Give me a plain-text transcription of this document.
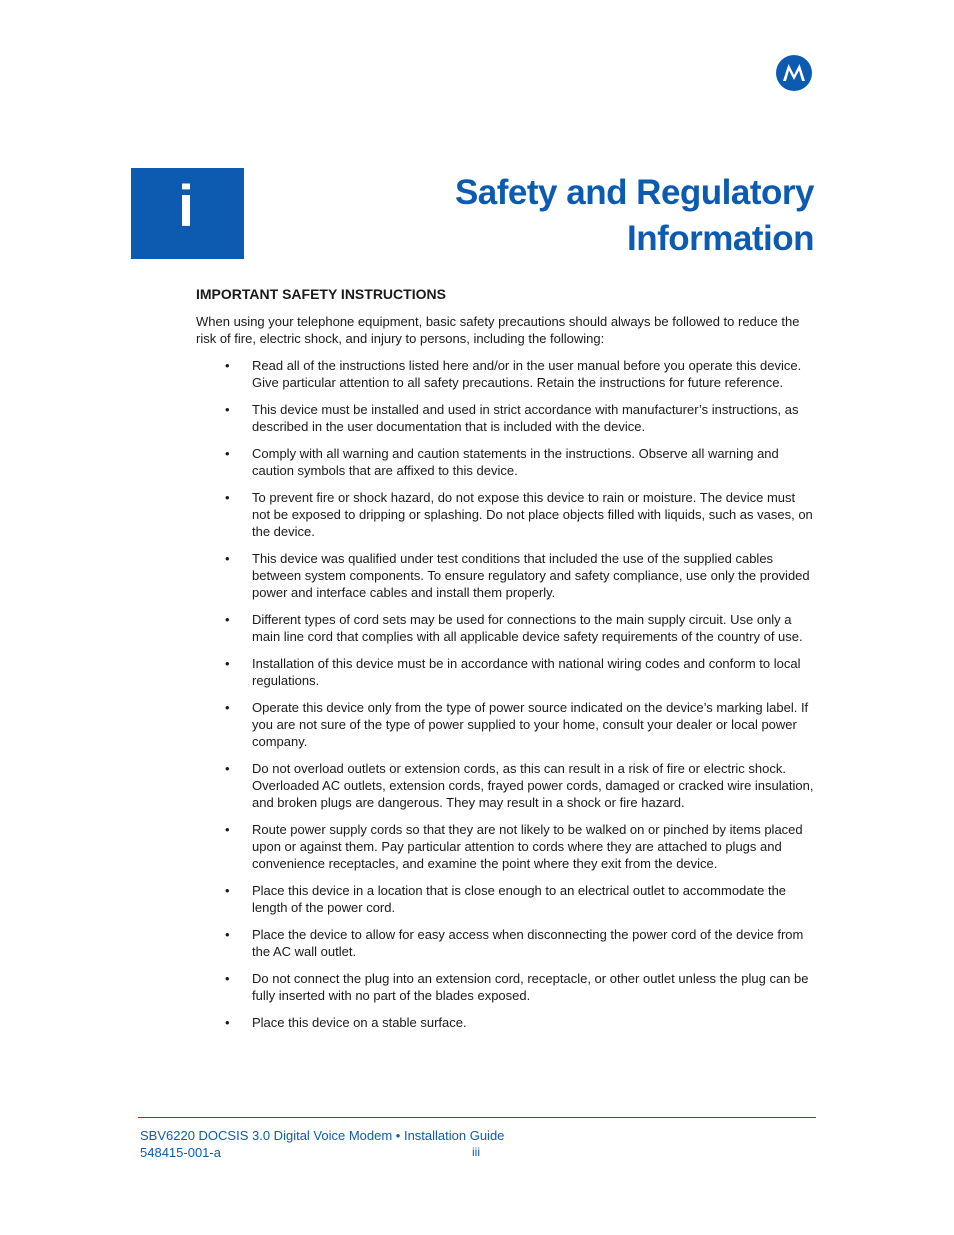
i	Safety and Regulatory
Information
IMPORTANT SAFETY INSTRUCTIONS

When using your telephone equipment, basic safety precautions should always be followed to reduce the risk of fire, electric shock, and injury to persons, including the following:

• Read all of the instructions listed here and/or in the user manual before you operate this device. Give particular attention to all safety precautions. Retain the instructions for future reference.
• This device must be installed and used in strict accordance with manufacturer’s instructions, as described in the user documentation that is included with the device.
• Comply with all warning and caution statements in the instructions. Observe all warning and caution symbols that are affixed to this device.
• To prevent fire or shock hazard, do not expose this device to rain or moisture. The device must not be exposed to dripping or splashing. Do not place objects filled with liquids, such as vases, on the device.
• This device was qualified under test conditions that included the use of the supplied cables between system components. To ensure regulatory and safety compliance, use only the provided power and interface cables and install them properly.
• Different types of cord sets may be used for connections to the main supply circuit. Use only a main line cord that complies with all applicable device safety requirements of the country of use.
• Installation of this device must be in accordance with national wiring codes and conform to local regulations.
• Operate this device only from the type of power source indicated on the device’s marking label. If you are not sure of the type of power supplied to your home, consult your dealer or local power company.
• Do not overload outlets or extension cords, as this can result in a risk of fire or electric shock. Overloaded AC outlets, extension cords, frayed power cords, damaged or cracked wire insulation, and broken plugs are dangerous. They may result in a shock or fire hazard.
• Route power supply cords so that they are not likely to be walked on or pinched by items placed upon or against them. Pay particular attention to cords where they are attached to plugs and convenience receptacles, and examine the point where they exit from the device.
• Place this device in a location that is close enough to an electrical outlet to accommodate the length of the power cord.
• Place the device to allow for easy access when disconnecting the power cord of the device from the AC wall outlet.
• Do not connect the plug into an extension cord, receptacle, or other outlet unless the plug can be fully inserted with no part of the blades exposed.
• Place this device on a stable surface.

SBV6220 DOCSIS 3.0 Digital Voice Modem • Installation Guide

548415-001-a	iii
